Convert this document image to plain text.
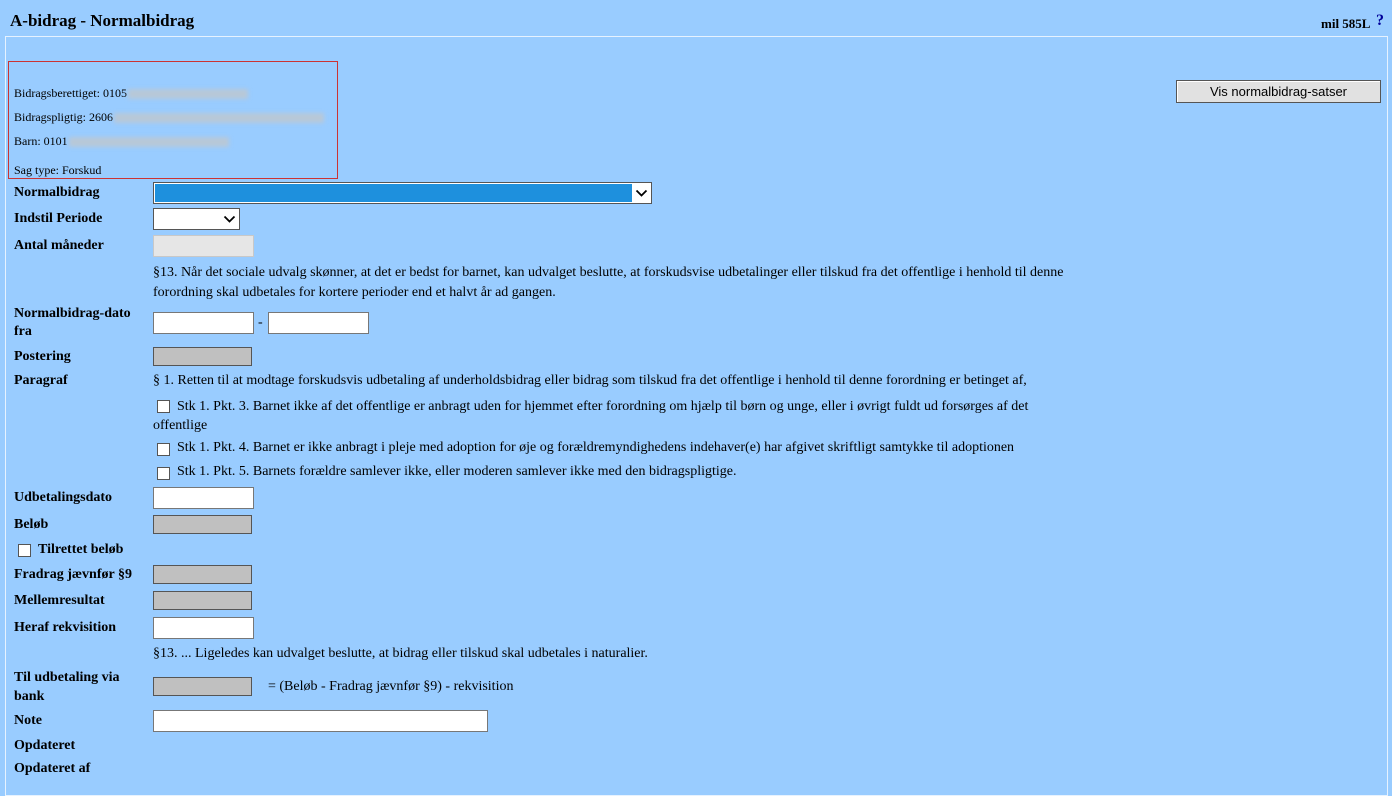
A-bidrag - Normalbidrag	mil 585L ?
Bidragsberettiget: 0105
Bidragspligtig: 2606
Barn: 0101
Sag type: Forskud
Vis normalbidrag-satser
Normalbidrag
Indstil Periode
Antal måneder
§13. Når det sociale udvalg skønner, at det er bedst for barnet, kan udvalget beslutte, at forskudsvise udbetalinger eller tilskud fra det offentlige i henhold til denne
forordning skal udbetales for kortere perioder end et halvt år ad gangen.
Normalbidrag-dato
fra
-
Postering
Paragraf	§ 1. Retten til at modtage forskudsvis udbetaling af underholdsbidrag eller bidrag som tilskud fra det offentlige i henhold til denne forordning er betinget af,
Stk 1. Pkt. 3. Barnet ikke af det offentlige er anbragt uden for hjemmet efter forordning om hjælp til børn og unge, eller i øvrigt fuldt ud forsørges af det
offentlige
Stk 1. Pkt. 4. Barnet er ikke anbragt i pleje med adoption for øje og forældremyndighedens indehaver(e) har afgivet skriftligt samtykke til adoptionen
Stk 1. Pkt. 5. Barnets forældre samlever ikke, eller moderen samlever ikke med den bidragspligtige.
Udbetalingsdato
Beløb
Tilrettet beløb
Fradrag jævnfør §9
Mellemresultat
Heraf rekvisition
§13. ... Ligeledes kan udvalget beslutte, at bidrag eller tilskud skal udbetales i naturalier.
Til udbetaling via
bank
= (Beløb - Fradrag jævnfør §9) - rekvisition
Note
Opdateret
Opdateret af
